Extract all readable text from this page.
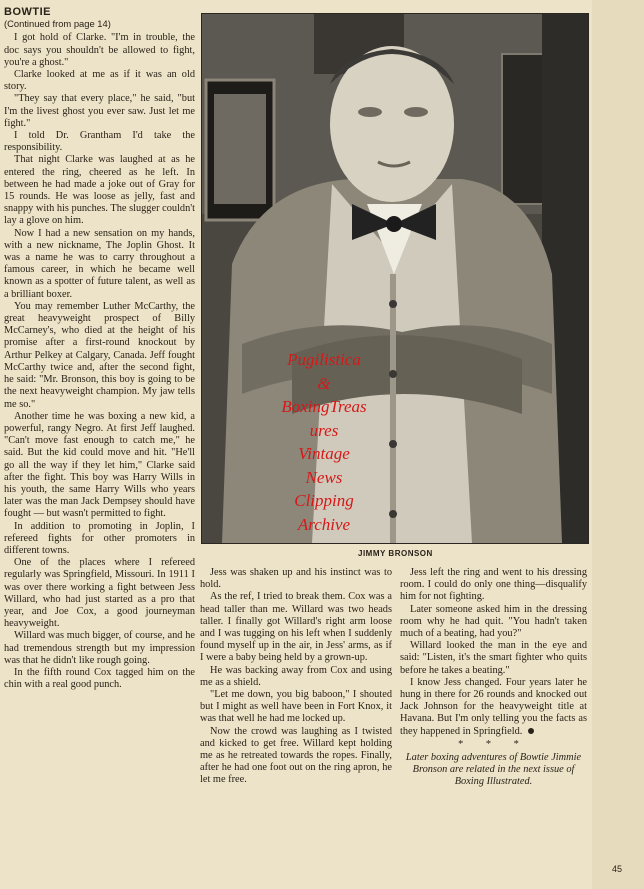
BOWTIE

(Continued from page 14)

I got hold of Clarke. "I'm in trouble, the doc says you shouldn't be allowed to fight, you're a ghost."

Clarke looked at me as if it was an old story.

"They say that every place," he said, "but I'm the livest ghost you ever saw. Just let me fight."

I told Dr. Grantham I'd take the responsibility.

That night Clarke was laughed at as he entered the ring, cheered as he left. In between he had made a joke out of Gray for 15 rounds. He was loose as jelly, fast and snappy with his punches. The slugger couldn't lay a glove on him.

Now I had a new sensation on my hands, with a new nickname, The Joplin Ghost. It was a name he was to carry throughout a famous career, in which he became well known as a spotter of future talent, as well as a brilliant boxer.

You may remember Luther McCarthy, the great heavyweight prospect of Billy McCarney's, who died at the height of his promise after a first-round knockout by Arthur Pelkey at Calgary, Canada. Jeff fought McCarthy twice and, after the second fight, he said: "Mr. Bronson, this boy is going to be the next heavyweight champion. My jaw tells me so."

Another time he was boxing a new kid, a powerful, rangy Negro. At first Jeff laughed. "Can't move fast enough to catch me," he said. But the kid could move and hit. "He'll go all the way if they let him," Clarke said after the fight. This boy was Harry Wills in his youth, the same Harry Wills who years later was the man Jack Dempsey should have fought — but wasn't permitted to fight.

In addition to promoting in Joplin, I refereed fights for other promoters in different towns.

One of the places where I refereed regularly was Springfield, Missouri. In 1911 I was over there working a fight between Jess Willard, who had just started as a pro that year, and Joe Cox, a good journeyman heavyweight.

Willard was much bigger, of course, and he had tremendous strength but my impression was that he didn't like rough going.

In the fifth round Cox tagged him on the chin with a real good punch.

Pugilistica
&
BoxingTreas
ures
Vintage
News
Clipping
Archive
JIMMY BRONSON

Jess was shaken up and his instinct was to hold.

As the ref, I tried to break them. Cox was a head taller than me. Willard was two heads taller. I finally got Willard's right arm loose and I was tugging on his left when I suddenly found myself up in the air, in Jess' arms, as if I were a baby being held by a grown-up.

He was backing away from Cox and using me as a shield.

"Let me down, you big baboon," I shouted but I might as well have been in Fort Knox, it was that well he had me locked up.

Now the crowd was laughing as I twisted and kicked to get free. Willard kept holding me as he retreated towards the ropes. Finally, after he had one foot out on the ring apron, he let me free.

Jess left the ring and went to his dressing room. I could do only one thing—disqualify him for not fighting.

Later someone asked him in the dressing room why he had quit. "You hadn't taken much of a beating, had you?"

Willard looked the man in the eye and said: "Listen, it's the smart fighter who quits before he takes a beating."

I know Jess changed. Four years later he hung in there for 26 rounds and knocked out Jack Johnson for the heavyweight title at Havana. But I'm only telling you the facts as they happened in Springfield.

* * *

Later boxing adventures of Bowtie Jimmie Bronson are related in the next issue of Boxing Illustrated.

45
